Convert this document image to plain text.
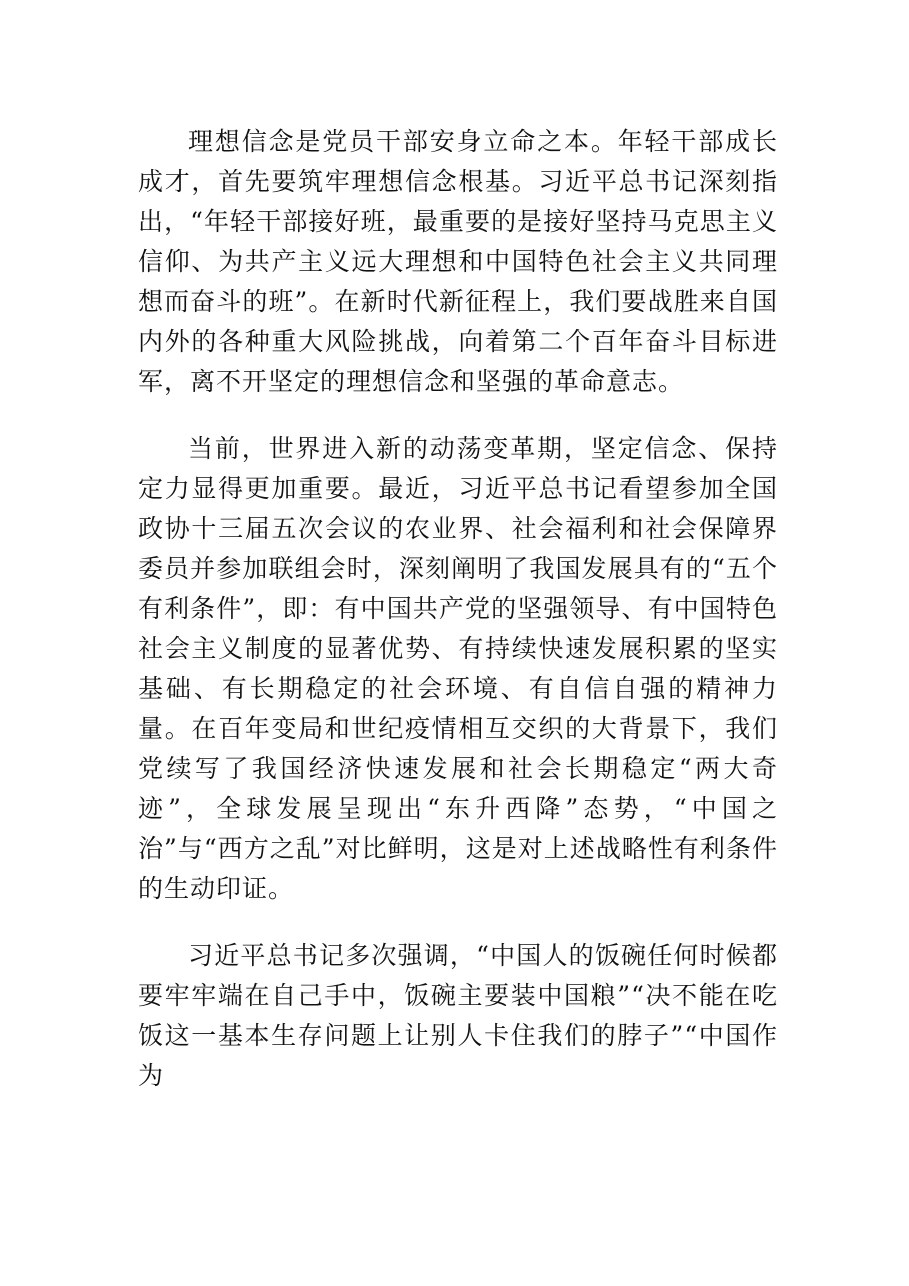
理想信念是党员干部安身立命之本。年轻干部成长成才，首先要筑牢理想信念根基。习近平总书记深刻指出，“年轻干部接好班，最重要的是接好坚持马克思主义信仰、为共产主义远大理想和中国特色社会主义共同理想而奋斗的班”。在新时代新征程上，我们要战胜来自国内外的各种重大风险挑战，向着第二个百年奋斗目标进军，离不开坚定的理想信念和坚强的革命意志。

当前，世界进入新的动荡变革期，坚定信念、保持定力显得更加重要。最近，习近平总书记看望参加全国政协十三届五次会议的农业界、社会福利和社会保障界委员并参加联组会时，深刻阐明了我国发展具有的“五个有利条件”，即：有中国共产党的坚强领导、有中国特色社会主义制度的显著优势、有持续快速发展积累的坚实基础、有长期稳定的社会环境、有自信自强的精神力量。在百年变局和世纪疫情相互交织的大背景下，我们党续写了我国经济快速发展和社会长期稳定“两大奇迹”，全球发展呈现出“东升西降”态势，“中国之治”与“西方之乱”对比鲜明，这是对上述战略性有利条件的生动印证。

习近平总书记多次强调，“中国人的饭碗任何时候都要牢牢端在自己手中，饭碗主要装中国粮”“决不能在吃饭这一基本生存问题上让别人卡住我们的脖子”“中国作为
